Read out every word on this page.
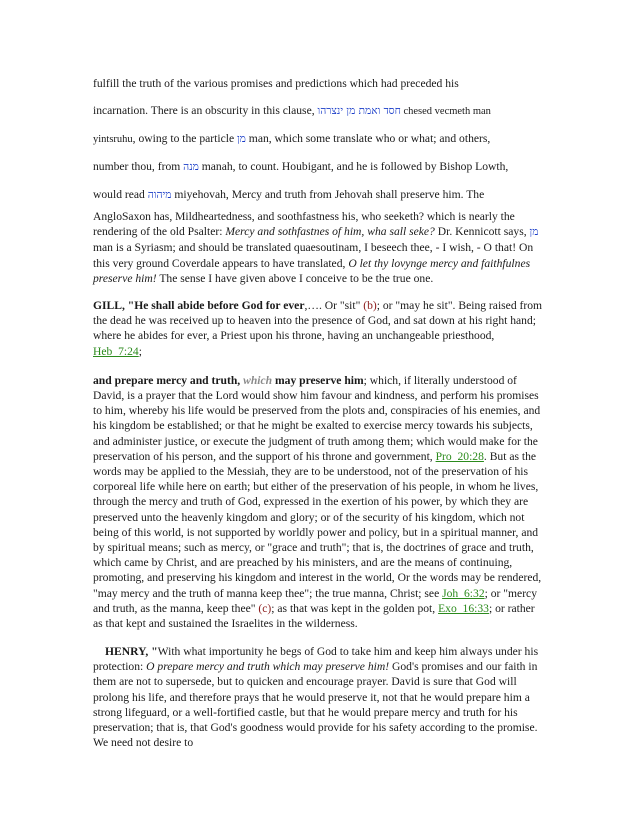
fulfill the truth of the various promises and predictions which had preceded his

incarnation. There is an obscurity in this clause, חסד ואמת מן ינצרהו chesed vecmeth man

yintsruhu, owing to the particle מן man, which some translate who or what; and others,

number thou, from מנה manah, to count. Houbigant, and he is followed by Bishop Lowth,

would read מיהוה miyehovah, Mercy and truth from Jehovah shall preserve him. The

AngloSaxon has, Mildheartedness, and soothfastness his, who seeketh? which is nearly the rendering of the old Psalter: Mercy and sothfastnes of him, wha sall seke? Dr. Kennicott says, מן man is a Syriasm; and should be translated quaesoutinam, I beseech thee, - I wish, - O that! On this very ground Coverdale appears to have translated, O let thy lovynge mercy and faithfulnes preserve him! The sense I have given above I conceive to be the true one.

GILL, "He shall abide before God for ever,…. Or "sit" (b); or "may he sit". Being raised from the dead he was received up to heaven into the presence of God, and sat down at his right hand; where he abides for ever, a Priest upon his throne, having an unchangeable priesthood, Heb_7:24;

and prepare mercy and truth, which may preserve him; which, if literally understood of David, is a prayer that the Lord would show him favour and kindness, and perform his promises to him, whereby his life would be preserved from the plots and, conspiracies of his enemies, and his kingdom be established; or that he might be exalted to exercise mercy towards his subjects, and administer justice, or execute the judgment of truth among them; which would make for the preservation of his person, and the support of his throne and government, Pro_20:28. But as the words may be applied to the Messiah, they are to be understood, not of the preservation of his corporeal life while here on earth; but either of the preservation of his people, in whom he lives, through the mercy and truth of God, expressed in the exertion of his power, by which they are preserved unto the heavenly kingdom and glory; or of the security of his kingdom, which not being of this world, is not supported by worldly power and policy, but in a spiritual manner, and by spiritual means; such as mercy, or "grace and truth"; that is, the doctrines of grace and truth, which came by Christ, and are preached by his ministers, and are the means of continuing, promoting, and preserving his kingdom and interest in the world, Or the words may be rendered, "may mercy and the truth of manna keep thee"; the true manna, Christ; see Joh_6:32; or "mercy and truth, as the manna, keep thee" (c); as that was kept in the golden pot, Exo_16:33; or rather as that kept and sustained the Israelites in the wilderness.

HENRY, "With what importunity he begs of God to take him and keep him always under his protection: O prepare mercy and truth which may preserve him! God's promises and our faith in them are not to supersede, but to quicken and encourage prayer. David is sure that God will prolong his life, and therefore prays that he would preserve it, not that he would prepare him a strong lifeguard, or a well-fortified castle, but that he would prepare mercy and truth for his preservation; that is, that God's goodness would provide for his safety according to the promise. We need not desire to
